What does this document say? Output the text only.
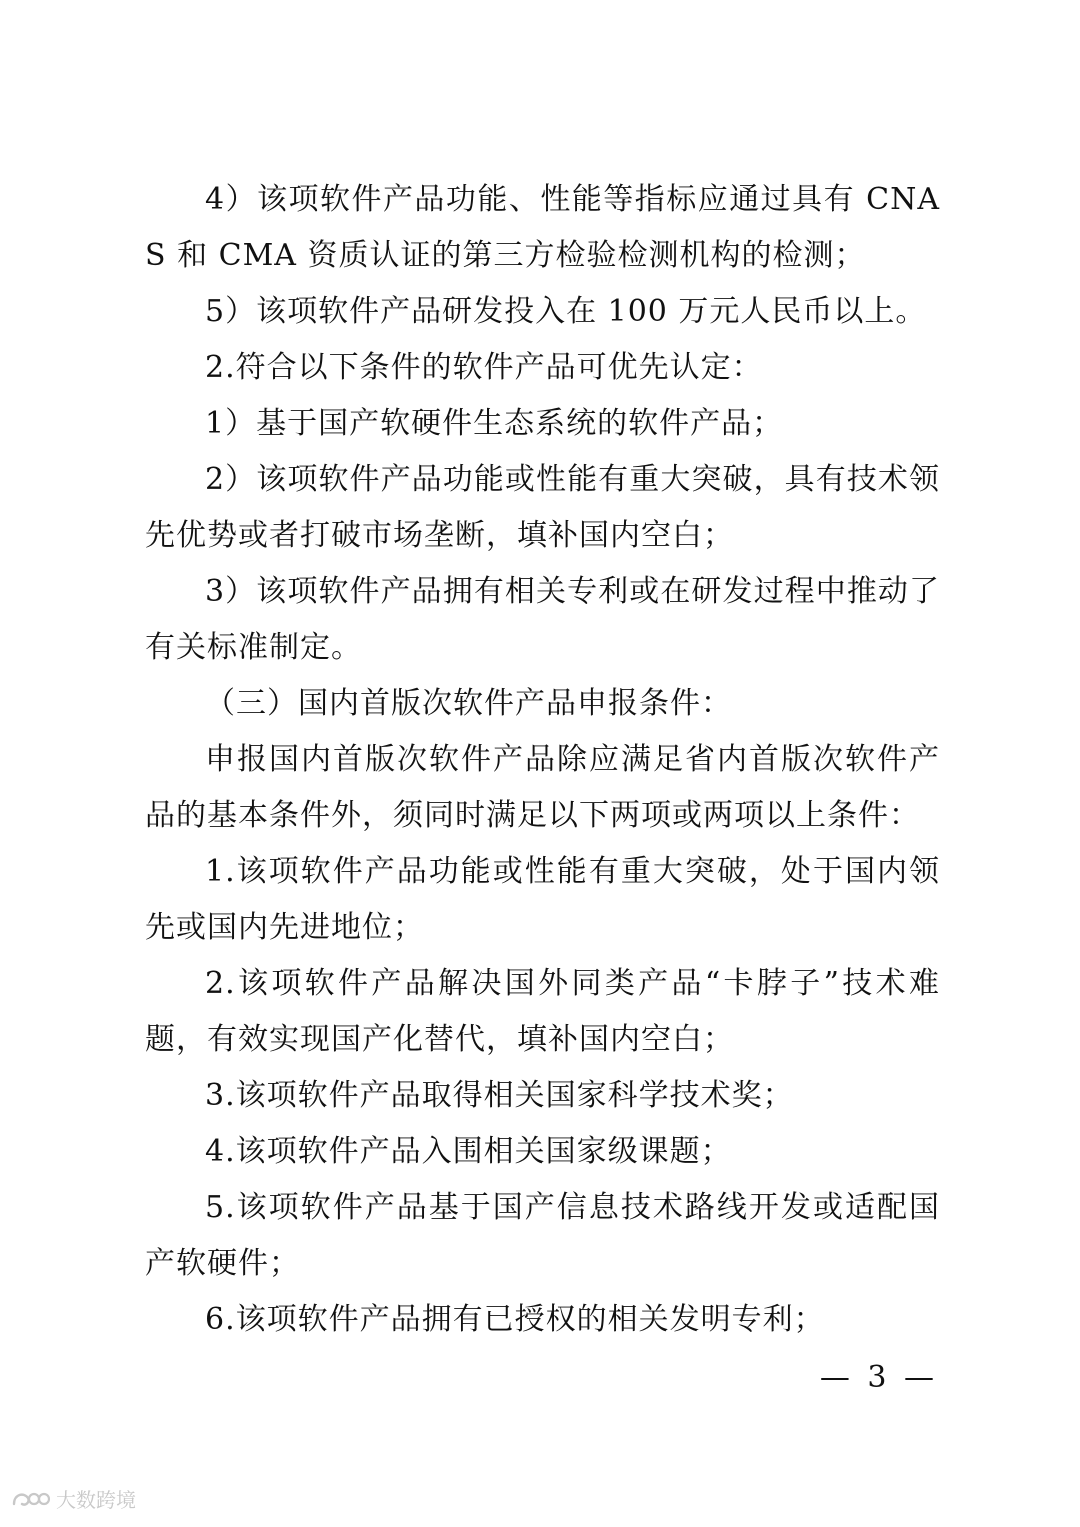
4）该项软件产品功能、性能等指标应通过具有 CNAS 和 CMA 资质认证的第三方检验检测机构的检测；

5）该项软件产品研发投入在 100 万元人民币以上。

2.符合以下条件的软件产品可优先认定：

1）基于国产软硬件生态系统的软件产品；

2）该项软件产品功能或性能有重大突破，具有技术领先优势或者打破市场垄断，填补国内空白；

3）该项软件产品拥有相关专利或在研发过程中推动了有关标准制定。

（三）国内首版次软件产品申报条件：

申报国内首版次软件产品除应满足省内首版次软件产品的基本条件外，须同时满足以下两项或两项以上条件：

1.该项软件产品功能或性能有重大突破，处于国内领先或国内先进地位；

2.该项软件产品解决国外同类产品“卡脖子”技术难题，有效实现国产化替代，填补国内空白；

3.该项软件产品取得相关国家科学技术奖；

4.该项软件产品入围相关国家级课题；

5.该项软件产品基于国产信息技术路线开发或适配国产软硬件；

6.该项软件产品拥有已授权的相关发明专利；

— 3 —
大数跨境
